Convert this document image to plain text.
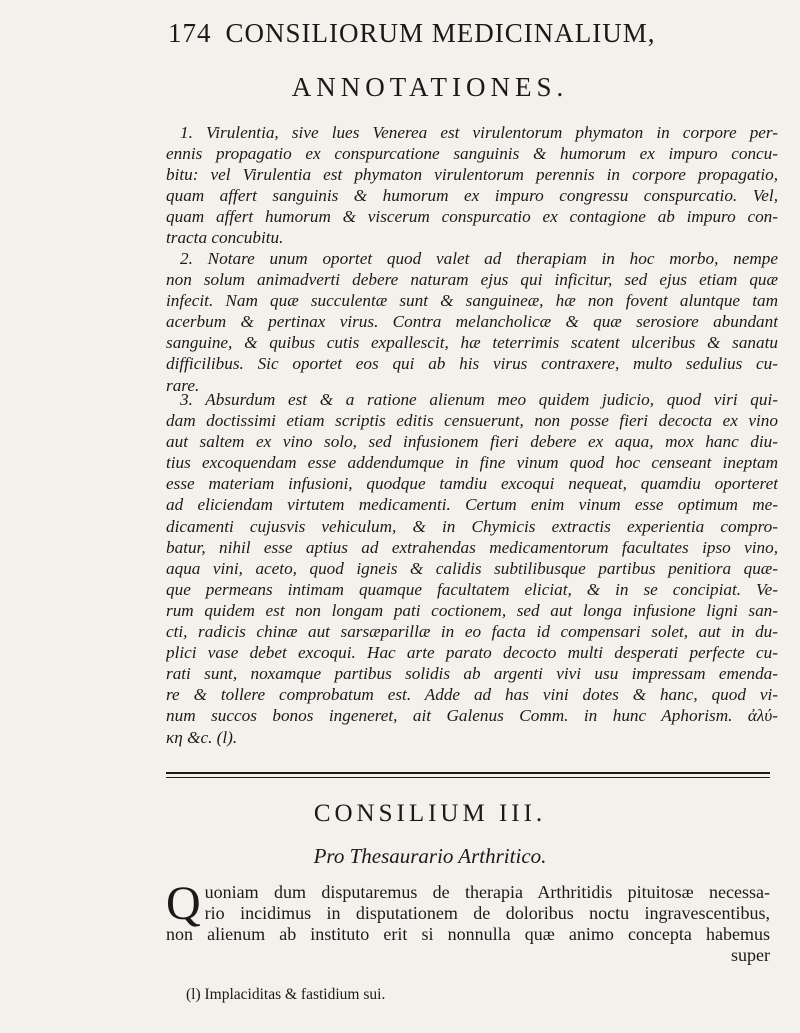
174 CONSILIORUM MEDICINALIUM,
ANNOTATIONES.
1. Virulentia, sive lues Venerea est virulentorum phymaton in corpore per-
ennis propagatio ex conspurcatione sanguinis & humorum ex impuro concu-
bitu: vel Virulentia est phymaton virulentorum perennis in corpore propagatio,
quam affert sanguinis & humorum ex impuro congressu conspurcatio. Vel,
quam affert humorum & viscerum conspurcatio ex contagione ab impuro con-
tracta concubitu.
2. Notare unum oportet quod valet ad therapiam in hoc morbo, nempe
non solum animadverti debere naturam ejus qui inficitur, sed ejus etiam quæ
infecit. Nam quæ succulentæ sunt & sanguineæ, hæ non fovent aluntque tam
acerbum & pertinax virus. Contra melancholicæ & quæ serosiore abundant
sanguine, & quibus cutis expallescit, hæ teterrimis scatent ulceribus & sanatu
difficilibus. Sic oportet eos qui ab his virus contraxere, multo sedulius cu-
rare.
3. Absurdum est & a ratione alienum meo quidem judicio, quod viri qui-
dam doctissimi etiam scriptis editis censuerunt, non posse fieri decocta ex vino
aut saltem ex vino solo, sed infusionem fieri debere ex aqua, mox hanc diu-
tius excoquendam esse addendumque in fine vinum quod hoc censeant ineptam
esse materiam infusioni, quodque tamdiu excoqui nequeat, quamdiu oporteret
ad eliciendam virtutem medicamenti. Certum enim vinum esse optimum me-
dicamenti cujusvis vehiculum, & in Chymicis extractis experientia compro-
batur, nihil esse aptius ad extrahendas medicamentorum facultates ipso vino,
aqua vini, aceto, quod igneis & calidis subtilibusque partibus penitiora quæ-
que permeans intimam quamque facultatem eliciat, & in se concipiat. Ve-
rum quidem est non longam pati coctionem, sed aut longa infusione ligni san-
cti, radicis chinæ aut sarsæparillæ in eo facta id compensari solet, aut in du-
plici vase debet excoqui. Hac arte parato decocto multi desperati perfecte cu-
rati sunt, noxamque partibus solidis ab argenti vivi usu impressam emenda-
re & tollere comprobatum est. Adde ad has vini dotes & hanc, quod vi-
num succos bonos ingeneret, ait Galenus Comm. in hunc Aphorism. ἀλύ-
κη &c. (l).
CONSILIUM III.
Pro Thesaurario Arthritico.
Q uoniam dum disputaremus de therapia Arthritidis pituitosæ necessa-
rio incidimus in disputationem de doloribus noctu ingravescentibus,
non alienum ab instituto erit si nonnulla quæ animo concepta habemus
super
(l) Implaciditas & fastidium sui.
